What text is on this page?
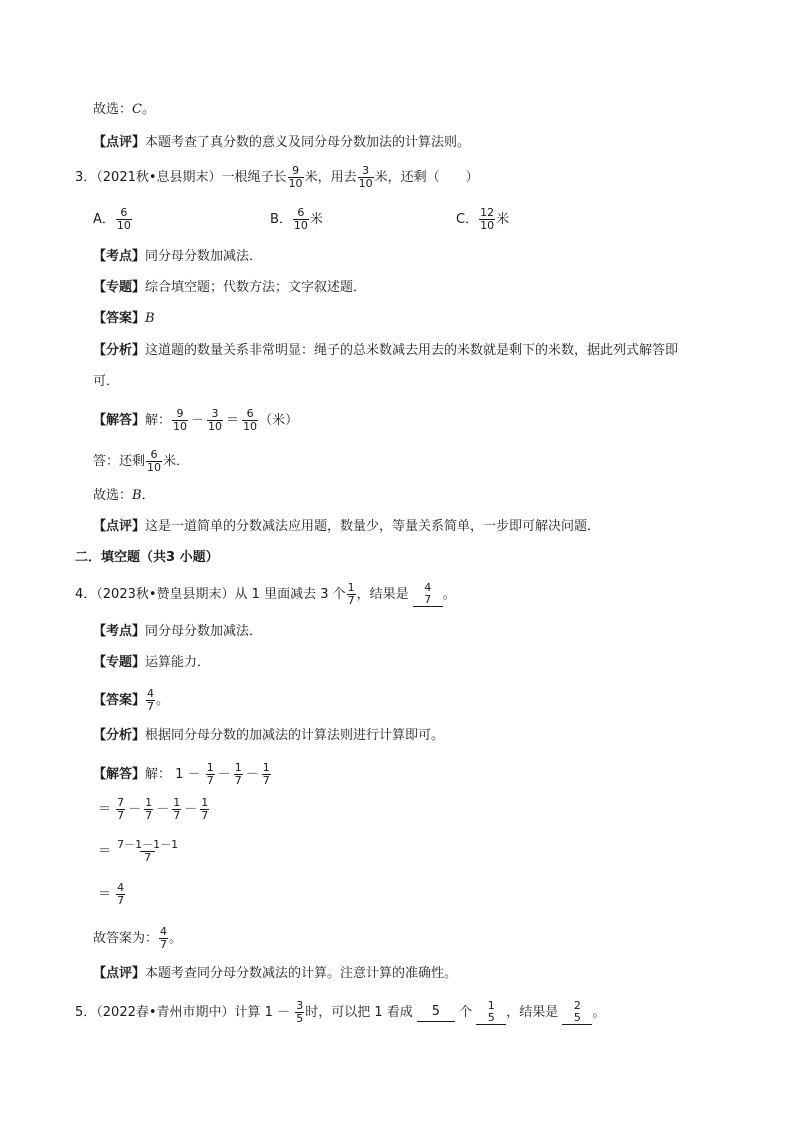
故选：C。
【点评】本题考查了真分数的意义及同分母分数加法的计算法则。
3．（2021秋•息县期末）一根绳子长 $\frac{9}{10}$ 米，用去 $\frac{3}{10}$ 米，还剩（　　）
A． $\frac{6}{10}$	B． $\frac{6}{10}$ 米	C． $\frac{12}{10}$ 米
【考点】同分母分数加减法．
【专题】综合填空题；代数方法；文字叙述题．
【答案】B
【分析】这道题的数量关系非常明显：绳子的总米数减去用去的米数就是剩下的米数，据此列式解答即
可．
【解答】解： $\frac{9}{10} - \frac{3}{10} = \frac{6}{10}$ （米）
答：还剩 $\frac{6}{10}$ 米．
故选：B．
【点评】这是一道简单的分数减法应用题，数量少，等量关系简单，一步即可解决问题．
二．填空题（共3 小题）
4．（2023秋•赞皇县期末）从 1 里面减去 3 个 $\frac{1}{7}$ ，结果是 4
7 。
【考点】同分母分数加减法．
【专题】运算能力．
【答案】 $\frac{4}{7}$ 。
【分析】根据同分母分数的加减法的计算法则进行计算即可。
【解答】解： $1 - \frac{1}{7} - \frac{1}{7} - \frac{1}{7}$
＝ $\frac{7}{7} - \frac{1}{7} - \frac{1}{7} - \frac{1}{7}$
＝ $\frac{7-1-1-1}{7}$
＝ $\frac{4}{7}$
故答案为： $\frac{4}{7}$ 。
【点评】本题考查同分母分数减法的计算。注意计算的准确性。
5．（2022春•青州市期中）计算 $1 - \frac{3}{5}$ 时，可以把 1 看成 5 个 1
5 ，结果是 2
5 。
